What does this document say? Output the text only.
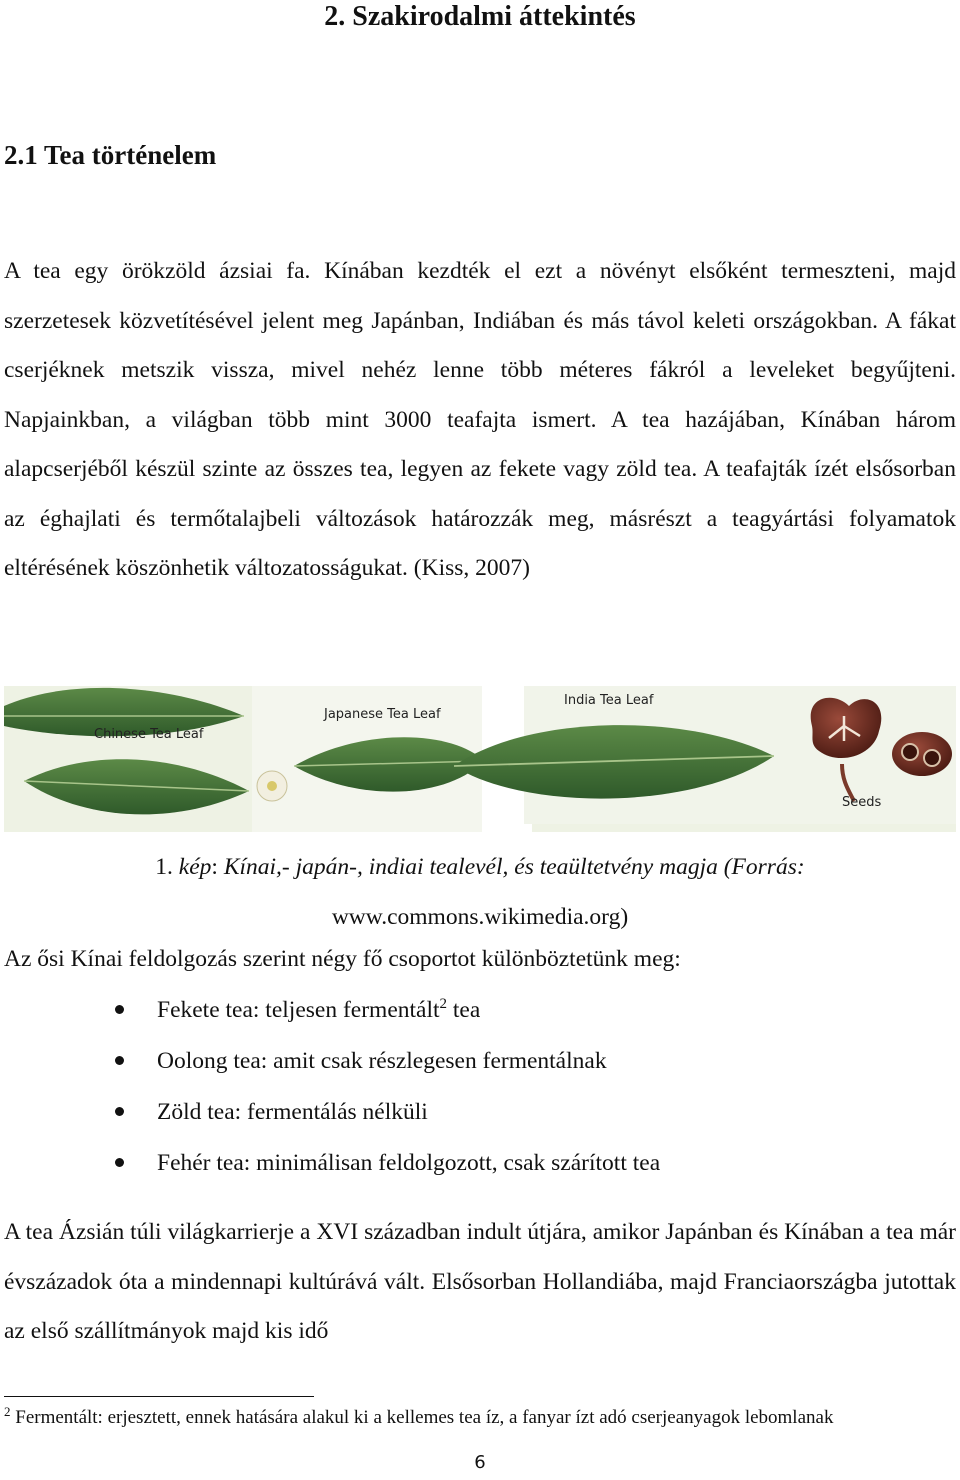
2. Szakirodalmi áttekintés
2.1 Tea történelem

A tea egy örökzöld ázsiai fa. Kínában kezdték el ezt a növényt elsőként termeszteni, majd szerzetesek közvetítésével jelent meg Japánban, Indiában és más távol keleti országokban. A fákat cserjéknek metszik vissza, mivel nehéz lenne több méteres fákról a leveleket begyűjteni. Napjainkban, a világban több mint 3000 teafajta ismert. A tea hazájában, Kínában három alapcserjéből készül szinte az összes tea, legyen az fekete vagy zöld tea. A teafajták ízét elsősorban az éghajlati és termőtalajbeli változások határozzák meg, másrészt a teagyártási folyamatok eltérésének köszönhetik változatosságukat. (Kiss, 2007)

Chinese Tea Leaf
Japanese Tea Leaf
India Tea Leaf
Seeds
1. kép: Kínai,- japán-, indiai tealevél, és teaültetvény magja (Forrás:
www.commons.wikimedia.org)

Az ősi Kínai feldolgozás szerint négy fő csoportot különböztetünk meg:

Fekete tea: teljesen fermentált$^2$ tea
Oolong tea: amit csak részlegesen fermentálnak
Zöld tea: fermentálás nélküli
Fehér tea: minimálisan feldolgozott, csak szárított tea

A tea Ázsián túli világkarrierje a XVI században indult útjára, amikor Japánban és Kínában a tea már évszázadok óta a mindennapi kultúrává vált. Elsősorban Hollandiába, majd Franciaországba jutottak az első szállítmányok majd kis idő

$^2$ Fermentált: erjesztett, ennek hatására alakul ki a kellemes tea íz, a fanyar ízt adó cserjeanyagok lebomlanak
6
